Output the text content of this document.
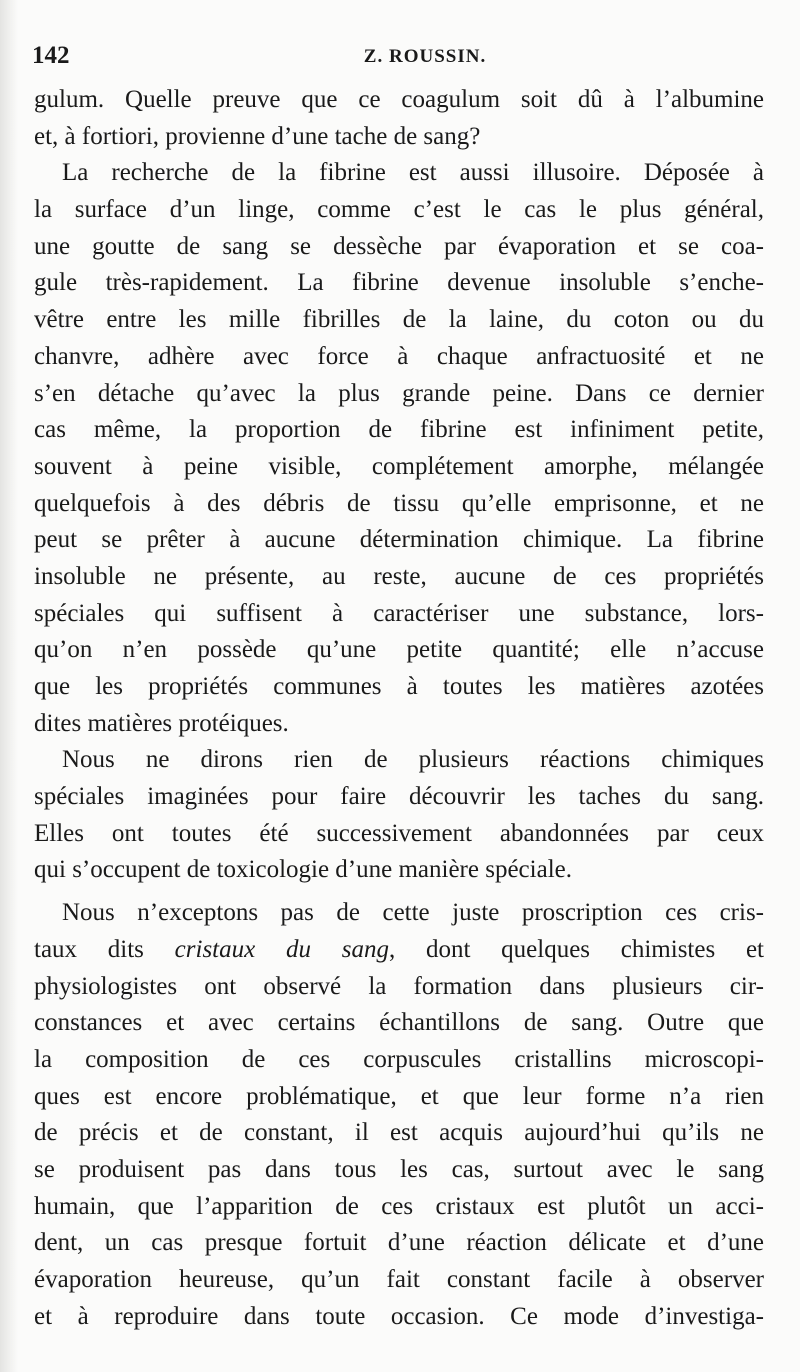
142	Z. ROUSSIN.
gulum. Quelle preuve que ce coagulum soit dû à l’albumine
et, à fortiori, provienne d’une tache de sang?
La recherche de la fibrine est aussi illusoire. Déposée à
la surface d’un linge, comme c’est le cas le plus général,
une goutte de sang se dessèche par évaporation et se coa-
gule très-rapidement. La fibrine devenue insoluble s’enche-
vêtre entre les mille fibrilles de la laine, du coton ou du
chanvre, adhère avec force à chaque anfractuosité et ne
s’en détache qu’avec la plus grande peine. Dans ce dernier
cas même, la proportion de fibrine est infiniment petite,
souvent à peine visible, complétement amorphe, mélangée
quelquefois à des débris de tissu qu’elle emprisonne, et ne
peut se prêter à aucune détermination chimique. La fibrine
insoluble ne présente, au reste, aucune de ces propriétés
spéciales qui suffisent à caractériser une substance, lors-
qu’on n’en possède qu’une petite quantité; elle n’accuse
que les propriétés communes à toutes les matières azotées
dites matières protéiques.
Nous ne dirons rien de plusieurs réactions chimiques
spéciales imaginées pour faire découvrir les taches du sang.
Elles ont toutes été successivement abandonnées par ceux
qui s’occupent de toxicologie d’une manière spéciale.
Nous n’exceptons pas de cette juste proscription ces cris-
taux dits cristaux du sang, dont quelques chimistes et
physiologistes ont observé la formation dans plusieurs cir-
constances et avec certains échantillons de sang. Outre que
la composition de ces corpuscules cristallins microscopi-
ques est encore problématique, et que leur forme n’a rien
de précis et de constant, il est acquis aujourd’hui qu’ils ne
se produisent pas dans tous les cas, surtout avec le sang
humain, que l’apparition de ces cristaux est plutôt un acci-
dent, un cas presque fortuit d’une réaction délicate et d’une
évaporation heureuse, qu’un fait constant facile à observer
et à reproduire dans toute occasion. Ce mode d’investiga-
